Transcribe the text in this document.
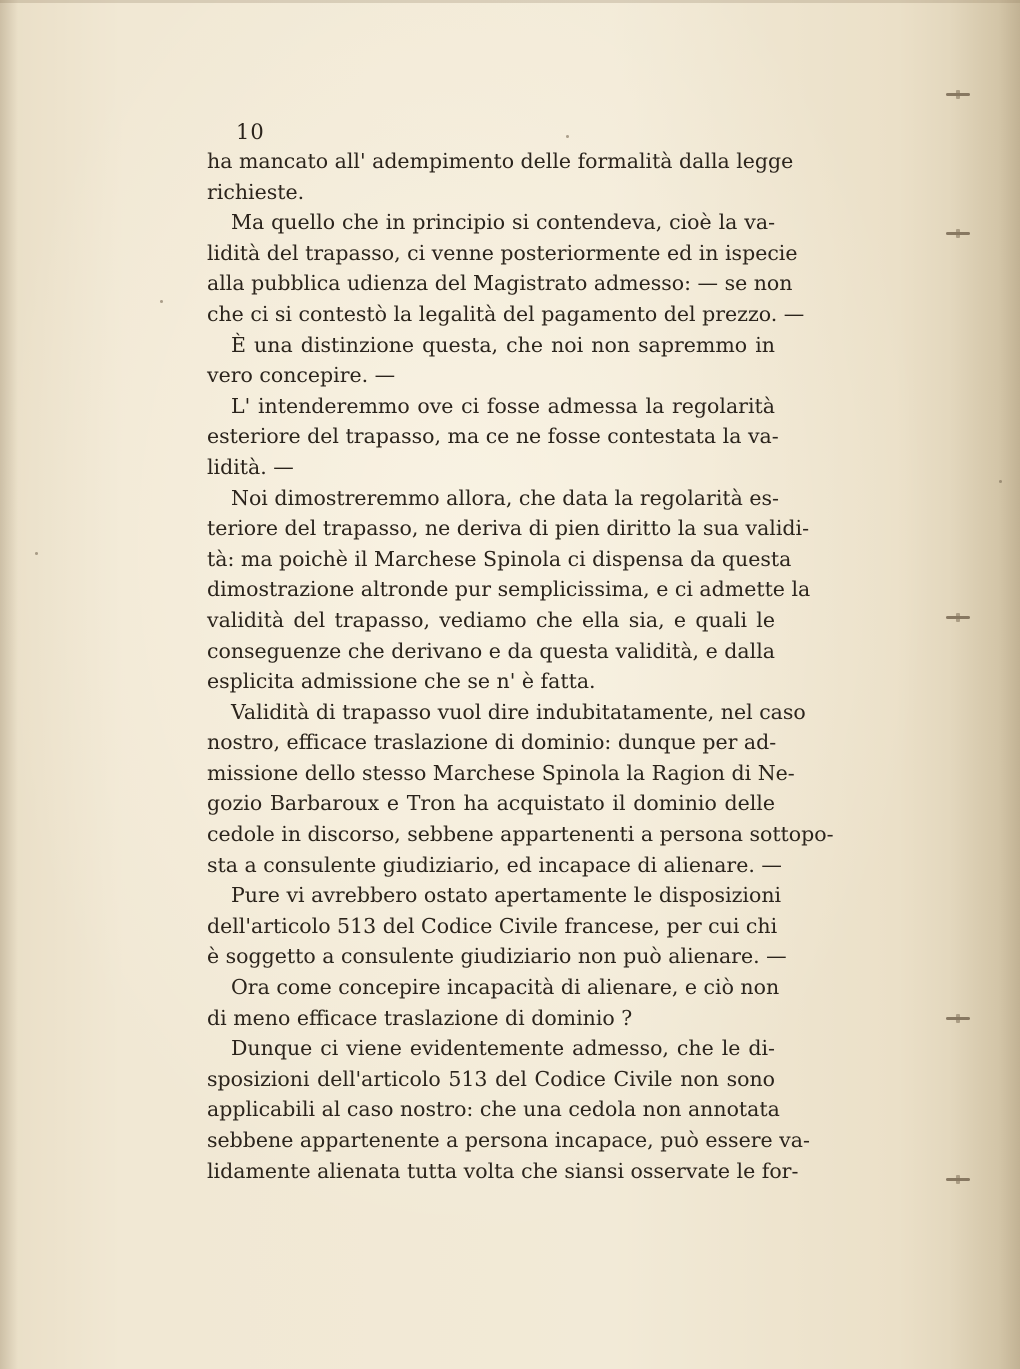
10
ha mancato all' adempimento delle formalità dalla legge
richieste.
Ma quello che in principio si contendeva, cioè la va-
lidità del trapasso, ci venne posteriormente ed in ispecie
alla pubblica udienza del Magistrato admesso: — se non
che ci si contestò la legalità del pagamento del prezzo. —
È una distinzione questa, che noi non sapremmo in
vero concepire. —
L' intenderemmo ove ci fosse admessa la regolarità
esteriore del trapasso, ma ce ne fosse contestata la va-
lidità. —
Noi dimostreremmo allora, che data la regolarità es-
teriore del trapasso, ne deriva di pien diritto la sua validi-
tà: ma poichè il Marchese Spinola ci dispensa da questa
dimostrazione altronde pur semplicissima, e ci admette la
validità del trapasso, vediamo che ella sia, e quali le
conseguenze che derivano e da questa validità, e dalla
esplicita admissione che se n' è fatta.
Validità di trapasso vuol dire indubitatamente, nel caso
nostro, efficace traslazione di dominio: dunque per ad-
missione dello stesso Marchese Spinola la Ragion di Ne-
gozio Barbaroux e Tron ha acquistato il dominio delle
cedole in discorso, sebbene appartenenti a persona sottopo-
sta a consulente giudiziario, ed incapace di alienare. —
Pure vi avrebbero ostato apertamente le disposizioni
dell'articolo 513 del Codice Civile francese, per cui chi
è soggetto a consulente giudiziario non può alienare. —
Ora come concepire incapacità di alienare, e ciò non
di meno efficace traslazione di dominio ?
Dunque ci viene evidentemente admesso, che le di-
sposizioni dell'articolo 513 del Codice Civile non sono
applicabili al caso nostro: che una cedola non annotata
sebbene appartenente a persona incapace, può essere va-
lidamente alienata tutta volta che siansi osservate le for-
